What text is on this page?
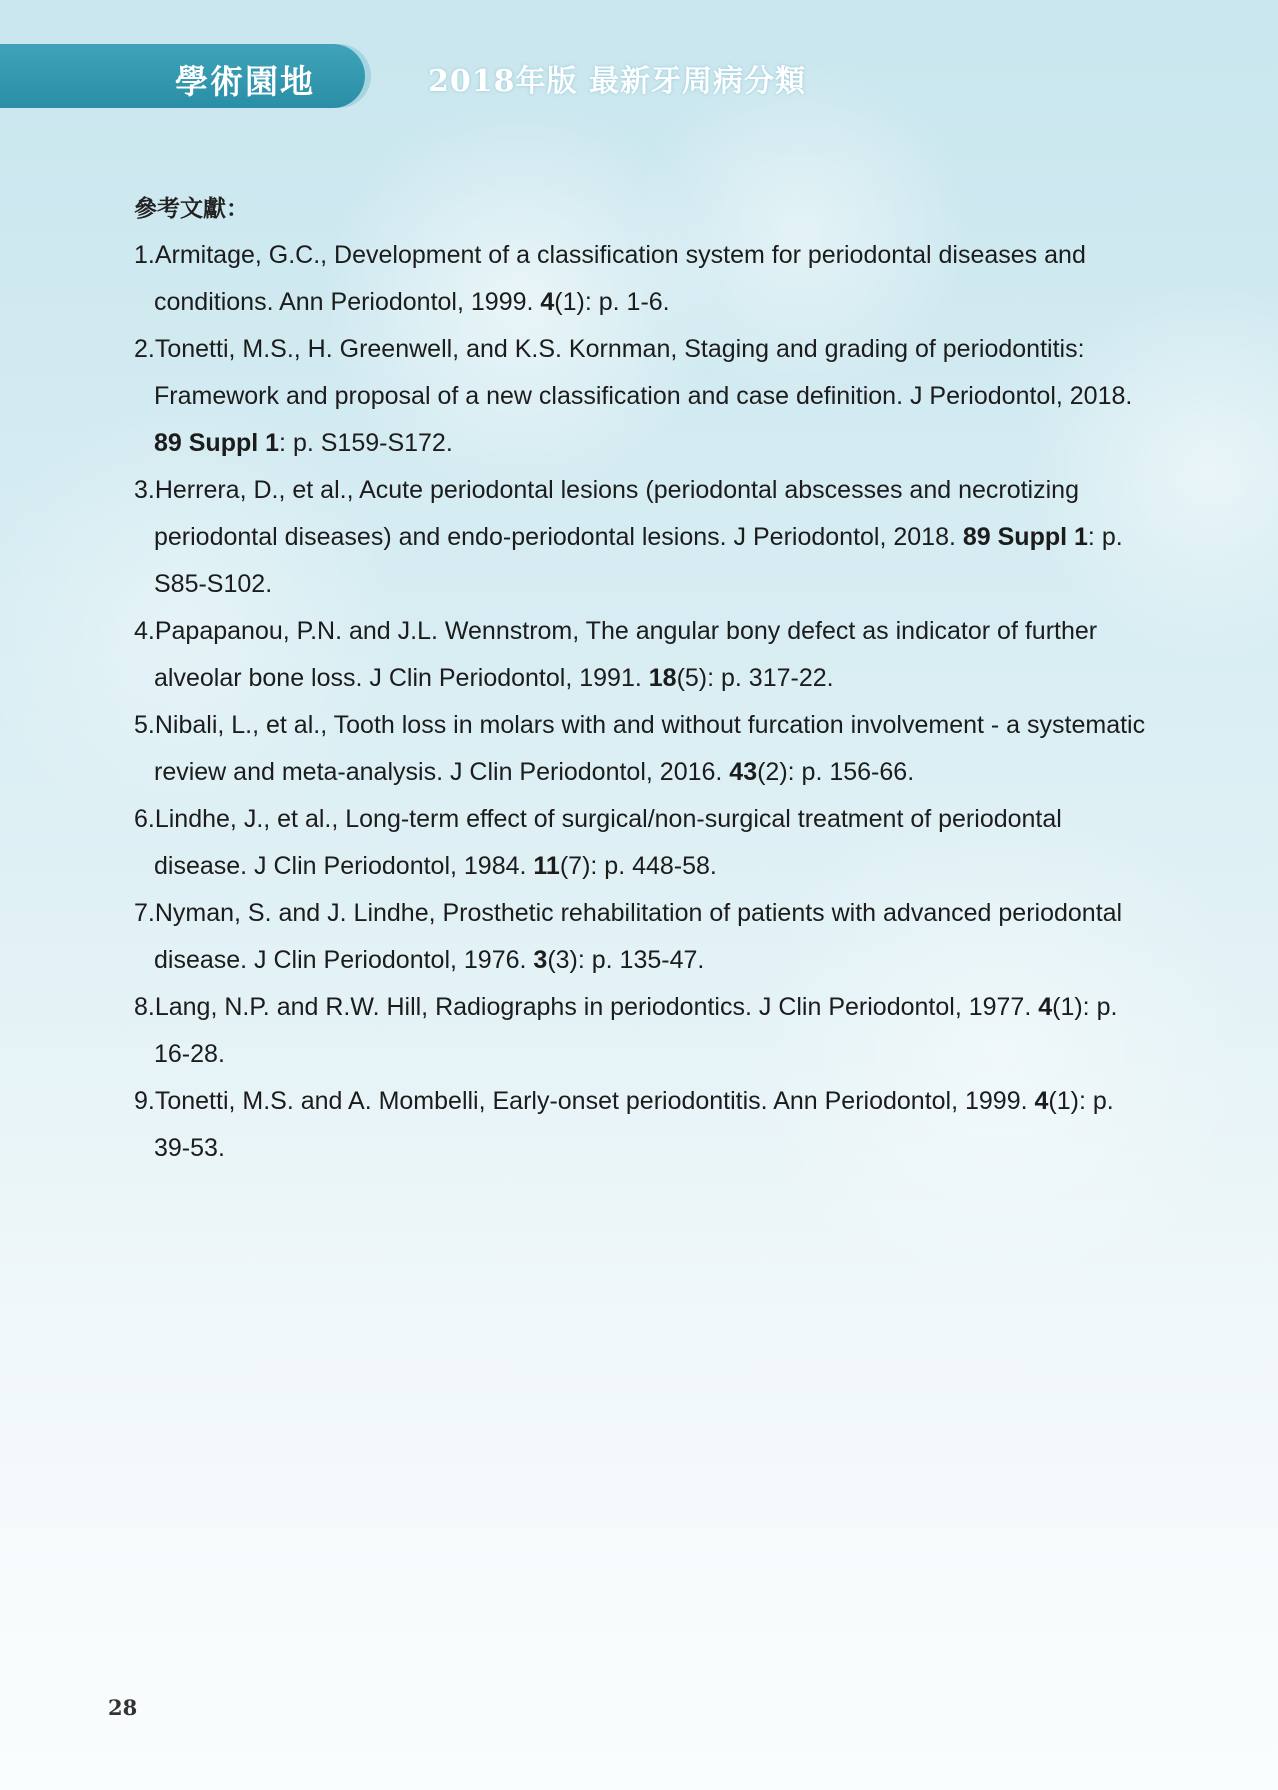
學術園地	2018年版 最新牙周病分類
參考文獻：
1.Armitage, G.C., Development of a classification system for periodontal diseases and conditions. Ann Periodontol, 1999. 4(1): p. 1-6.
2.Tonetti, M.S., H. Greenwell, and K.S. Kornman, Staging and grading of periodontitis: Framework and proposal of a new classification and case definition. J Periodontol, 2018. 89 Suppl 1: p. S159-S172.
3.Herrera, D., et al., Acute periodontal lesions (periodontal abscesses and necrotizing periodontal diseases) and endo-periodontal lesions. J Periodontol, 2018. 89 Suppl 1: p. S85-S102.
4.Papapanou, P.N. and J.L. Wennstrom, The angular bony defect as indicator of further alveolar bone loss. J Clin Periodontol, 1991. 18(5): p. 317-22.
5.Nibali, L., et al., Tooth loss in molars with and without furcation involvement - a systematic review and meta-analysis. J Clin Periodontol, 2016. 43(2): p. 156-66.
6.Lindhe, J., et al., Long-term effect of surgical/non-surgical treatment of periodontal disease. J Clin Periodontol, 1984. 11(7): p. 448-58.
7.Nyman, S. and J. Lindhe, Prosthetic rehabilitation of patients with advanced periodontal disease. J Clin Periodontol, 1976. 3(3): p. 135-47.
8.Lang, N.P. and R.W. Hill, Radiographs in periodontics. J Clin Periodontol, 1977. 4(1): p. 16-28.
9.Tonetti, M.S. and A. Mombelli, Early-onset periodontitis. Ann Periodontol, 1999. 4(1): p. 39-53.
28
